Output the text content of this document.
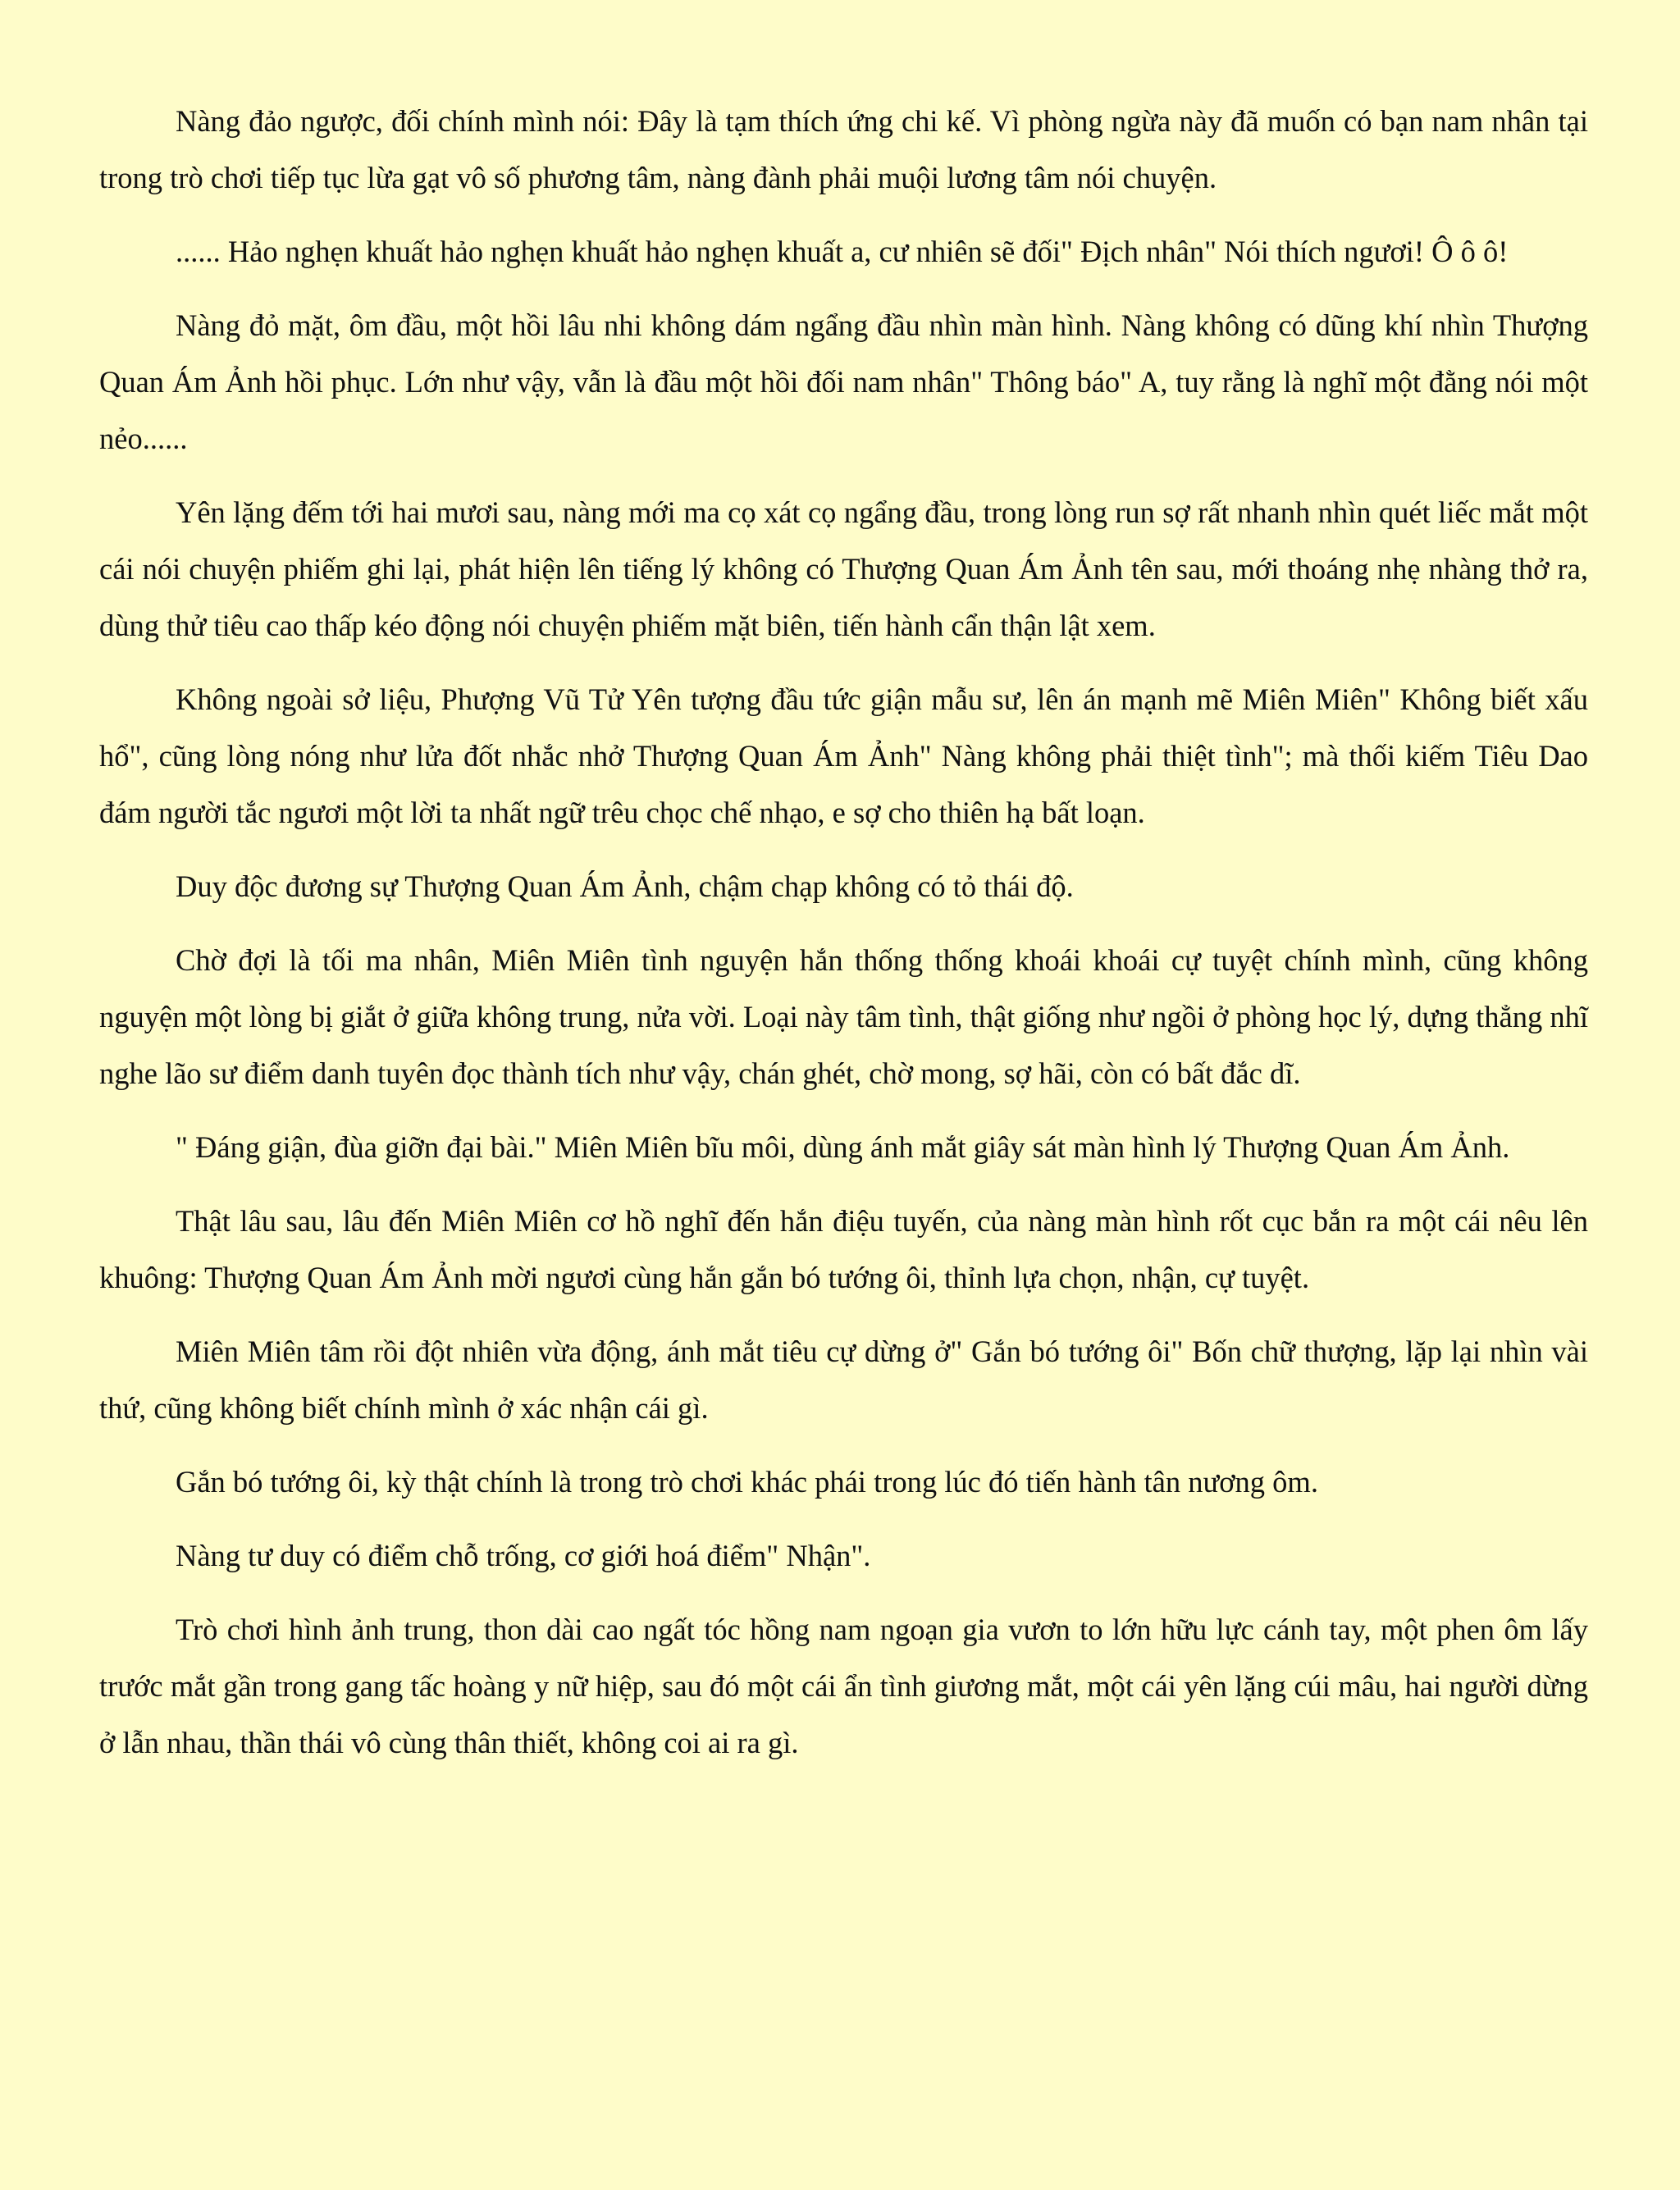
Nàng đảo ngược, đối chính mình nói: Đây là tạm thích ứng chi kế. Vì phòng ngừa này đã muốn có bạn nam nhân tại trong trò chơi tiếp tục lừa gạt vô số phương tâm, nàng đành phải muội lương tâm nói chuyện.

...... Hảo nghẹn khuất hảo nghẹn khuất hảo nghẹn khuất a, cư nhiên sẽ đối" Địch nhân" Nói thích ngươi! Ô ô ô!

Nàng đỏ mặt, ôm đầu, một hồi lâu nhi không dám ngẩng đầu nhìn màn hình. Nàng không có dũng khí nhìn Thượng Quan Ám Ảnh hồi phục. Lớn như vậy, vẫn là đầu một hồi đối nam nhân" Thông báo" A, tuy rằng là nghĩ một đằng nói một nẻo......

Yên lặng đếm tới hai mươi sau, nàng mới ma cọ xát cọ ngẩng đầu, trong lòng run sợ rất nhanh nhìn quét liếc mắt một cái nói chuyện phiếm ghi lại, phát hiện lên tiếng lý không có Thượng Quan Ám Ảnh tên sau, mới thoáng nhẹ nhàng thở ra, dùng thử tiêu cao thấp kéo động nói chuyện phiếm mặt biên, tiến hành cẩn thận lật xem.

Không ngoài sở liệu, Phượng Vũ Tử Yên tượng đầu tức giận mẫu sư, lên án mạnh mẽ Miên Miên" Không biết xấu hổ", cũng lòng nóng như lửa đốt nhắc nhở Thượng Quan Ám Ảnh" Nàng không phải thiệt tình"; mà thối kiếm Tiêu Dao đám người tắc ngươi một lời ta nhất ngữ trêu chọc chế nhạo, e sợ cho thiên hạ bất loạn.

Duy độc đương sự Thượng Quan Ám Ảnh, chậm chạp không có tỏ thái độ.

Chờ đợi là tối ma nhân, Miên Miên tình nguyện hắn thống thống khoái khoái cự tuyệt chính mình, cũng không nguyện một lòng bị giắt ở giữa không trung, nửa vời. Loại này tâm tình, thật giống như ngồi ở phòng học lý, dựng thẳng nhĩ nghe lão sư điểm danh tuyên đọc thành tích như vậy, chán ghét, chờ mong, sợ hãi, còn có bất đắc dĩ.

" Đáng giận, đùa giỡn đại bài." Miên Miên bĩu môi, dùng ánh mắt giây sát màn hình lý Thượng Quan Ám Ảnh.

Thật lâu sau, lâu đến Miên Miên cơ hồ nghĩ đến hắn điệu tuyến, của nàng màn hình rốt cục bắn ra một cái nêu lên khuông: Thượng Quan Ám Ảnh mời ngươi cùng hắn gắn bó tướng ôi, thỉnh lựa chọn, nhận, cự tuyệt.

Miên Miên tâm rồi đột nhiên vừa động, ánh mắt tiêu cự dừng ở" Gắn bó tướng ôi" Bốn chữ thượng, lặp lại nhìn vài thứ, cũng không biết chính mình ở xác nhận cái gì.

Gắn bó tướng ôi, kỳ thật chính là trong trò chơi khác phái trong lúc đó tiến hành tân nương ôm.

Nàng tư duy có điểm chỗ trống, cơ giới hoá điểm" Nhận".

Trò chơi hình ảnh trung, thon dài cao ngất tóc hồng nam ngoạn gia vươn to lớn hữu lực cánh tay, một phen ôm lấy trước mắt gần trong gang tấc hoàng y nữ hiệp, sau đó một cái ẩn tình giương mắt, một cái yên lặng cúi mâu, hai người dừng ở lẫn nhau, thần thái vô cùng thân thiết, không coi ai ra gì.
